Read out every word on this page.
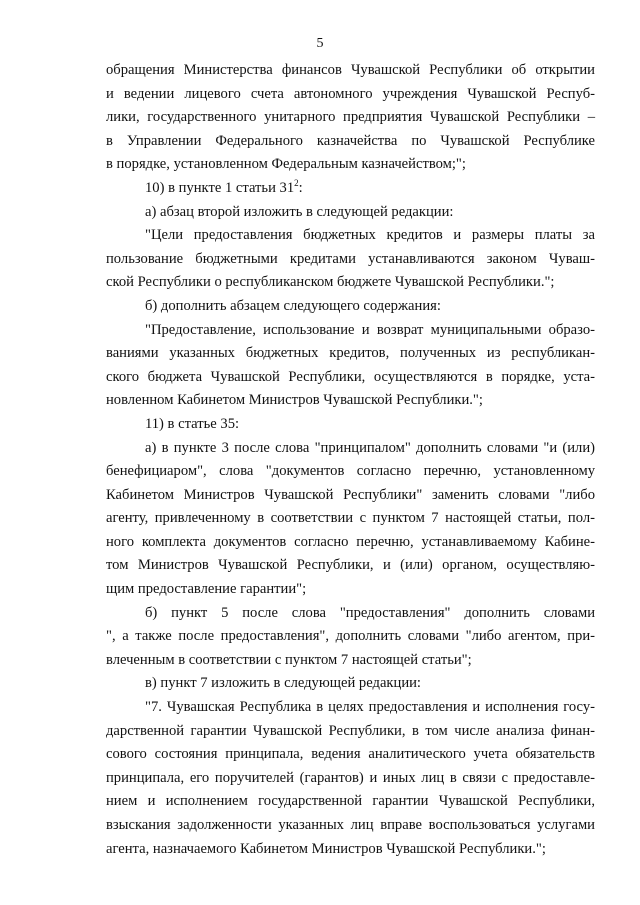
5
обращения Министерства финансов Чувашской Республики об открытии
и ведении лицевого счета автономного учреждения Чувашской Респуб-
лики, государственного унитарного предприятия Чувашской Республики –
в Управлении Федерального казначейства по Чувашской Республике
в порядке, установленном Федеральным казначейством;";
10) в пункте 1 статьи $31^2$:
а) абзац второй изложить в следующей редакции:
"Цели предоставления бюджетных кредитов и размеры платы за
пользование бюджетными кредитами устанавливаются законом Чуваш-
ской Республики о республиканском бюджете Чувашской Республики.";
б) дополнить абзацем следующего содержания:
"Предоставление, использование и возврат муниципальными образо-
ваниями указанных бюджетных кредитов, полученных из республикан-
ского бюджета Чувашской Республики, осуществляются в порядке, уста-
новленном Кабинетом Министров Чувашской Республики.";
11) в статье 35:
а) в пункте 3 после слова "принципалом" дополнить словами "и (или)
бенефициаром", слова "документов согласно перечню, установленному
Кабинетом Министров Чувашской Республики" заменить словами "либо
агенту, привлеченному в соответствии с пунктом 7 настоящей статьи, пол-
ного комплекта документов согласно перечню, устанавливаемому Кабине-
том Министров Чувашской Республики, и (или) органом, осуществляю-
щим предоставление гарантии";
б) пункт 5 после слова "предоставления" дополнить словами
", а также после предоставления", дополнить словами "либо агентом, при-
влеченным в соответствии с пунктом 7 настоящей статьи";
в) пункт 7 изложить в следующей редакции:
"7. Чувашская Республика в целях предоставления и исполнения госу-
дарственной гарантии Чувашской Республики, в том числе анализа финан-
сового состояния принципала, ведения аналитического учета обязательств
принципала, его поручителей (гарантов) и иных лиц в связи с предоставле-
нием и исполнением государственной гарантии Чувашской Республики,
взыскания задолженности указанных лиц вправе воспользоваться услугами
агента, назначаемого Кабинетом Министров Чувашской Республики.";
